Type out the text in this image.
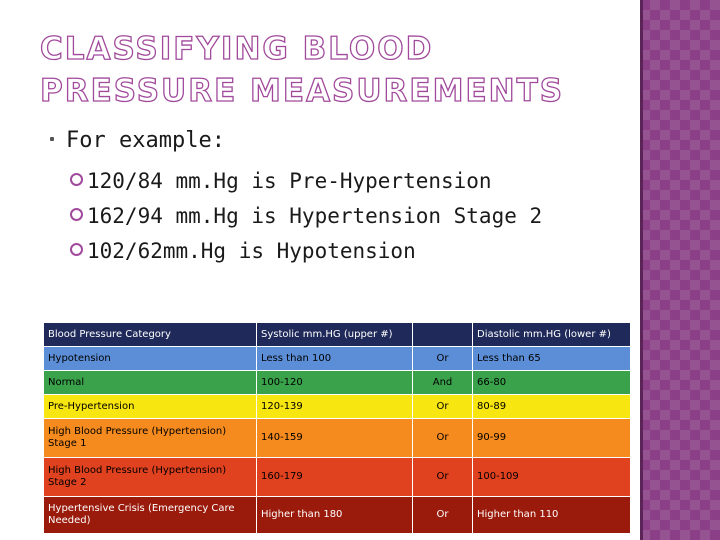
CLASSIFYING BLOOD PRESSURE MEASUREMENTS
For example:
120/84 mm.Hg is Pre-Hypertension
162/94 mm.Hg is Hypertension Stage 2
102/62mm.Hg is Hypotension
Blood Pressure Category	Systolic mm.HG (upper #)		Diastolic mm.HG (lower #)
Hypotension	Less than 100	Or	Less than 65
Normal	100-120	And	66-80
Pre-Hypertension	120-139	Or	80-89
High Blood Pressure (Hypertension) Stage 1	140-159	Or	90-99
High Blood Pressure (Hypertension) Stage 2	160-179	Or	100-109
Hypertensive Crisis (Emergency Care Needed)	Higher than 180	Or	Higher than 110
